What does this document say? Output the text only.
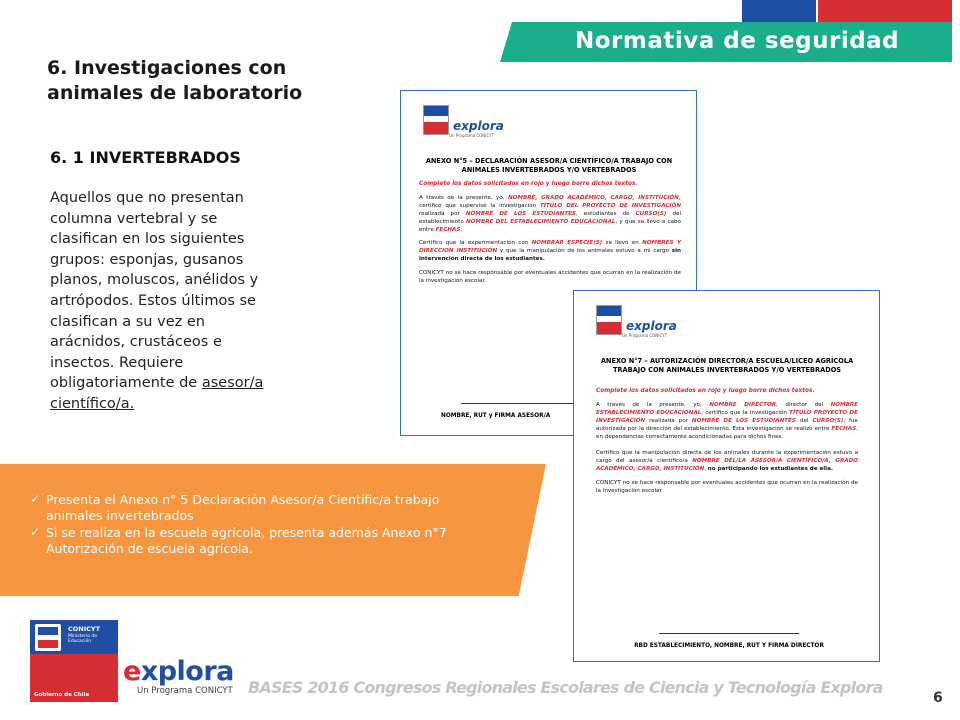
Normativa de seguridad
6. Investigaciones con
animales de laboratorio
6. 1 INVERTEBRADOS
Aquellos que no presentan
columna vertebral y se
clasifican en los siguientes
grupos: esponjas, gusanos
planos, moluscos, anélidos y
artrópodos. Estos últimos se
clasifican a su vez en
arácnidos, crustáceos e
insectos. Requiere
obligatoriamente de asesor/a
científico/a.
✓ Presenta el Anexo n° 5 Declaración Asesor/a Científic/a trabajo
animales invertebrados
✓ Si se realiza en la escuela agrícola, presenta además Anexo n°7
Autorización de escuela agrícola.
explora
Un Programa CONICYT
ANEXO N°5 – DECLARACIÓN ASESOR/A CIENTÍFICO/A TRABAJO CON
ANIMALES INVERTEBRADOS Y/O VERTEBRADOS
Complete los datos solicitados en rojo y luego borre dichos textos.
A través de la presente, yo, NOMBRE, GRADO ACADÉMICO, CARGO, INSTITUCIÓN, certifico que supervisé la investigación TÍTULO DEL PROYECTO DE INVESTIGACIÓN realizada por NOMBRE DE LOS ESTUDIANTES, estudiantes de CURSO(S) del establecimiento NOMBRE DEL ESTABLECIMIENTO EDUCACIONAL, y que se llevó a cabo entre FECHAS.
Certifico que la experimentación con NOMBRAR ESPECIE(S) se llevó en NOMBRES Y DIRECCION INSTITUCIÓN y que la manipulación de los animales estuvo a mi cargo sin intervención directa de los estudiantes.
CONICYT no se hace responsable por eventuales accidentes que ocurran en la realización de la investigación escolar.
NOMBRE, RUT y FIRMA ASESOR/A
explora
Un Programa CONICYT
ANEXO N°7 – AUTORIZACIÓN DIRECTOR/A ESCUELA/LICEO AGRÍCOLA
TRABAJO CON ANIMALES INVERTEBRADOS Y/O VERTEBRADOS
Complete los datos solicitados en rojo y luego borre dichos textos.
A través de la presente, yo, NOMBRE DIRECTOR, director del NOMBRE ESTABLECIMIENTO EDUCACIONAL, certifico que la investigación TÍTULO PROYECTO DE INVESTIGACIÓN realizada por NOMBRE DE LOS ESTUDIANTES del CURSO(S), fue autorizada por la dirección del establecimiento. Esta investigación se realizó entre FECHAS, en dependencias correctamente acondicionadas para dichos fines.
Certifico que la manipulación directa de los animales durante la experimentación estuvo a cargo del asesor/a científico/a NOMBRE DEL/LA ASESOR/A CIENTÍFICO/A, GRADO ACADÉMICO, CARGO, INSTITUCIÓN, no participando los estudiantes de ella.
CONICYT no se hace responsable por eventuales accidentes que ocurran en la realización de la investigación escolar.
RBD ESTABLECIMIENTO, NOMBRE, RUT Y FIRMA DIRECTOR
CONICYT
Ministerio de Educación
Gobierno de Chile
explora
Un Programa CONICYT BASES 2016 Congresos Regionales Escolares de Ciencia y Tecnología Explora
6
